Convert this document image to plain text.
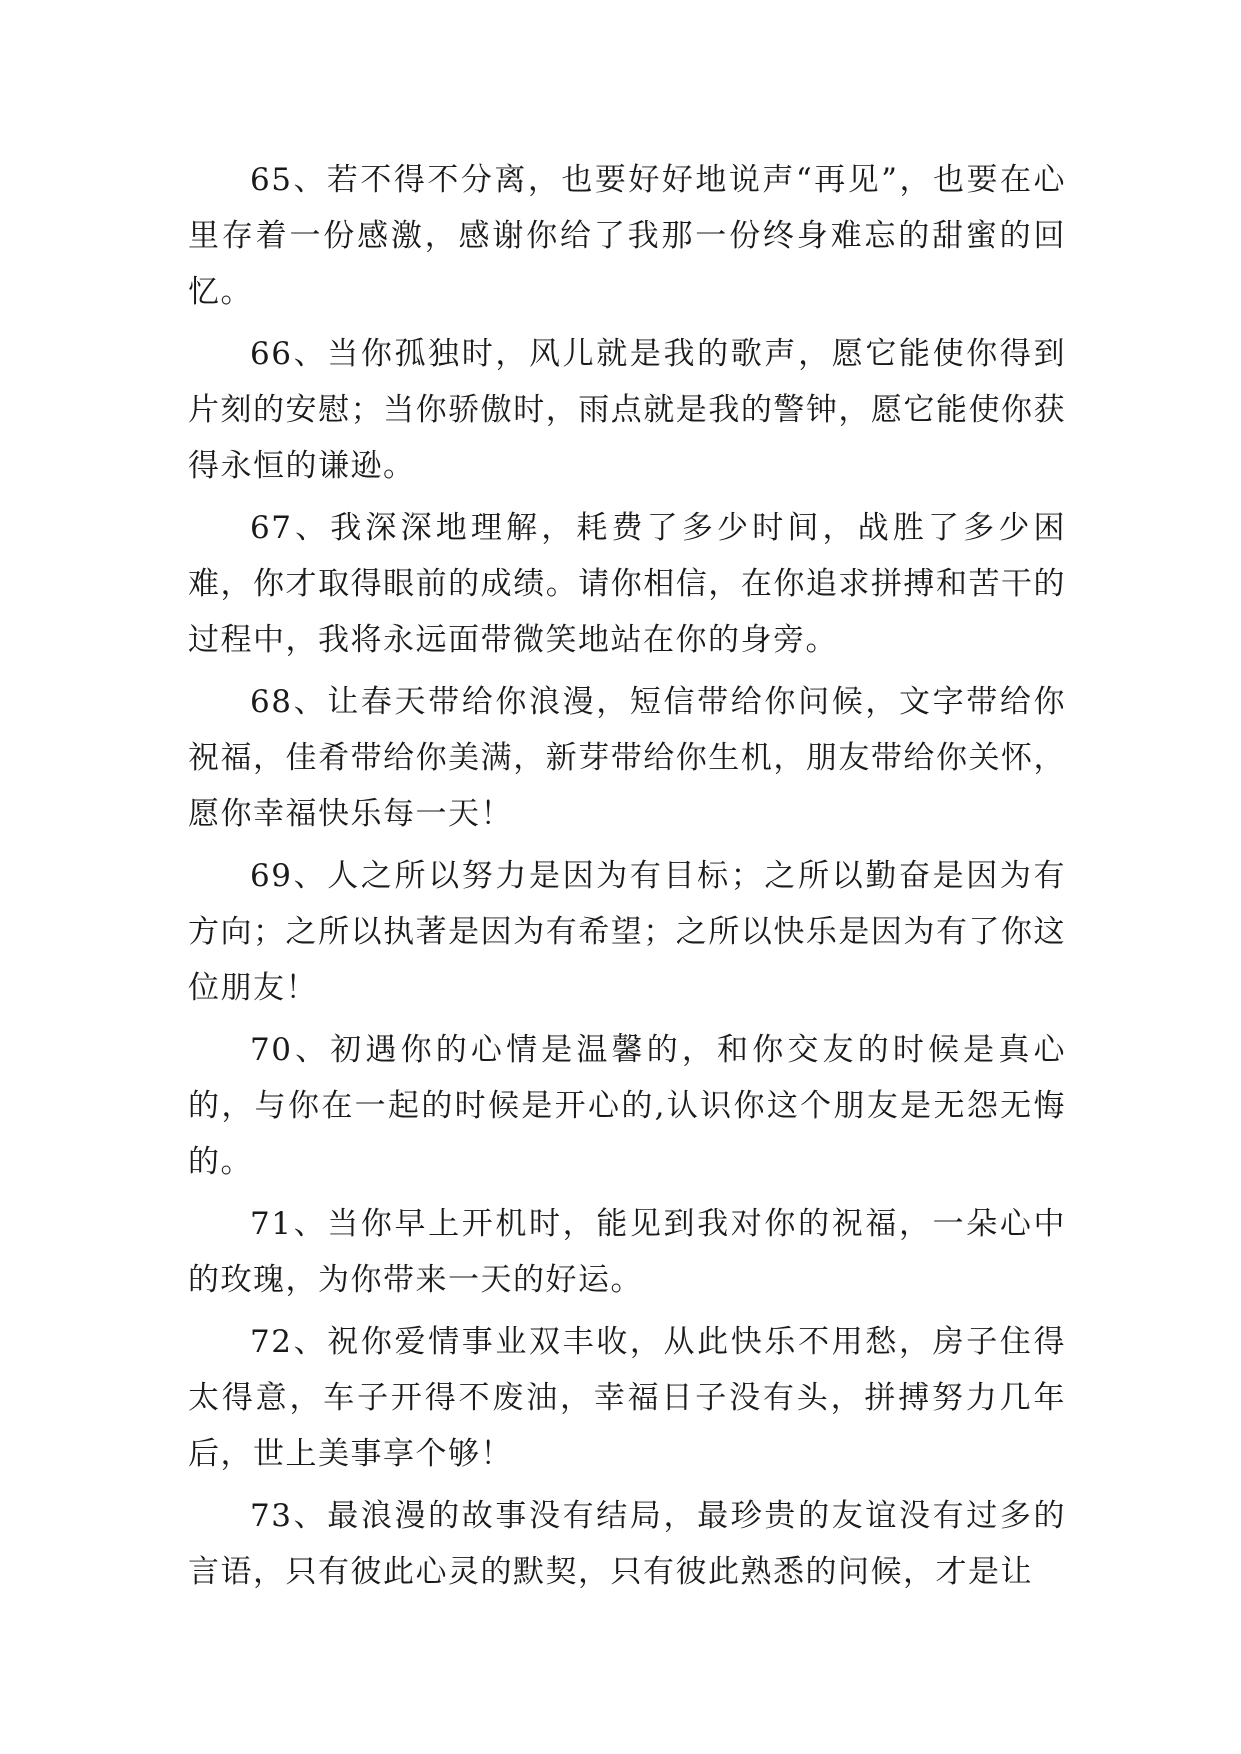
65、若不得不分离，也要好好地说声“再见”，也要在心里存着一份感激，感谢你给了我那一份终身难忘的甜蜜的回忆。

66、当你孤独时，风儿就是我的歌声，愿它能使你得到片刻的安慰；当你骄傲时，雨点就是我的警钟，愿它能使你获得永恒的谦逊。

67、我深深地理解，耗费了多少时间，战胜了多少困难，你才取得眼前的成绩。请你相信，在你追求拼搏和苦干的过程中，我将永远面带微笑地站在你的身旁。

68、让春天带给你浪漫，短信带给你问候，文字带给你祝福，佳肴带给你美满，新芽带给你生机，朋友带给你关怀，愿你幸福快乐每一天！

69、人之所以努力是因为有目标；之所以勤奋是因为有方向；之所以执著是因为有希望；之所以快乐是因为有了你这位朋友！

70、初遇你的心情是温馨的，和你交友的时候是真心的，与你在一起的时候是开心的,认识你这个朋友是无怨无悔的。

71、当你早上开机时，能见到我对你的祝福，一朵心中的玫瑰，为你带来一天的好运。

72、祝你爱情事业双丰收，从此快乐不用愁，房子住得太得意，车子开得不废油，幸福日子没有头，拼搏努力几年后，世上美事享个够！

73、最浪漫的故事没有结局，最珍贵的友谊没有过多的言语，只有彼此心灵的默契，只有彼此熟悉的问候，才是让
